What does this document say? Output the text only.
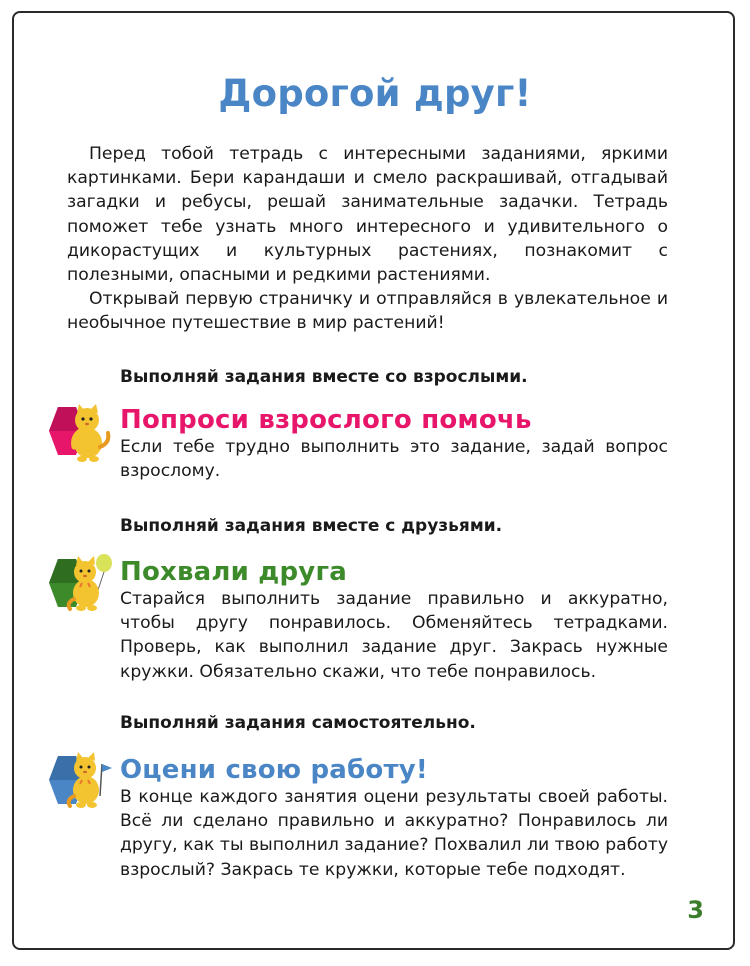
Дорогой друг!

Перед тобой тетрадь с интересными заданиями, яркими картинками. Бери карандаши и смело раскрашивай, отгадывай загадки и ребусы, решай занимательные задачки. Тетрадь поможет тебе узнать много интересного и удивительного о дикорастущих и культурных растениях, познакомит с полезными, опасными и редкими растениями.

Открывай первую страничку и отправляйся в увлекательное и необычное путешествие в мир растений!

Выполняй задания вместе со взрослыми.
Попроси взрослого помочь

Если тебе трудно выполнить это задание, задай вопрос взрослому.

Выполняй задания вместе с друзьями.
Похвали друга

Старайся выполнить задание правильно и аккуратно, чтобы другу понравилось. Обменяйтесь тетрадками. Проверь, как выполнил задание друг. Закрась нужные кружки. Обязательно скажи, что тебе понравилось.

Выполняй задания самостоятельно.
Оцени свою работу!

В конце каждого занятия оцени результаты своей работы. Всё ли сделано правильно и аккуратно? Понравилось ли другу, как ты выполнил задание? Похвалил ли твою работу взрослый? Закрась те кружки, которые тебе подходят.

3
